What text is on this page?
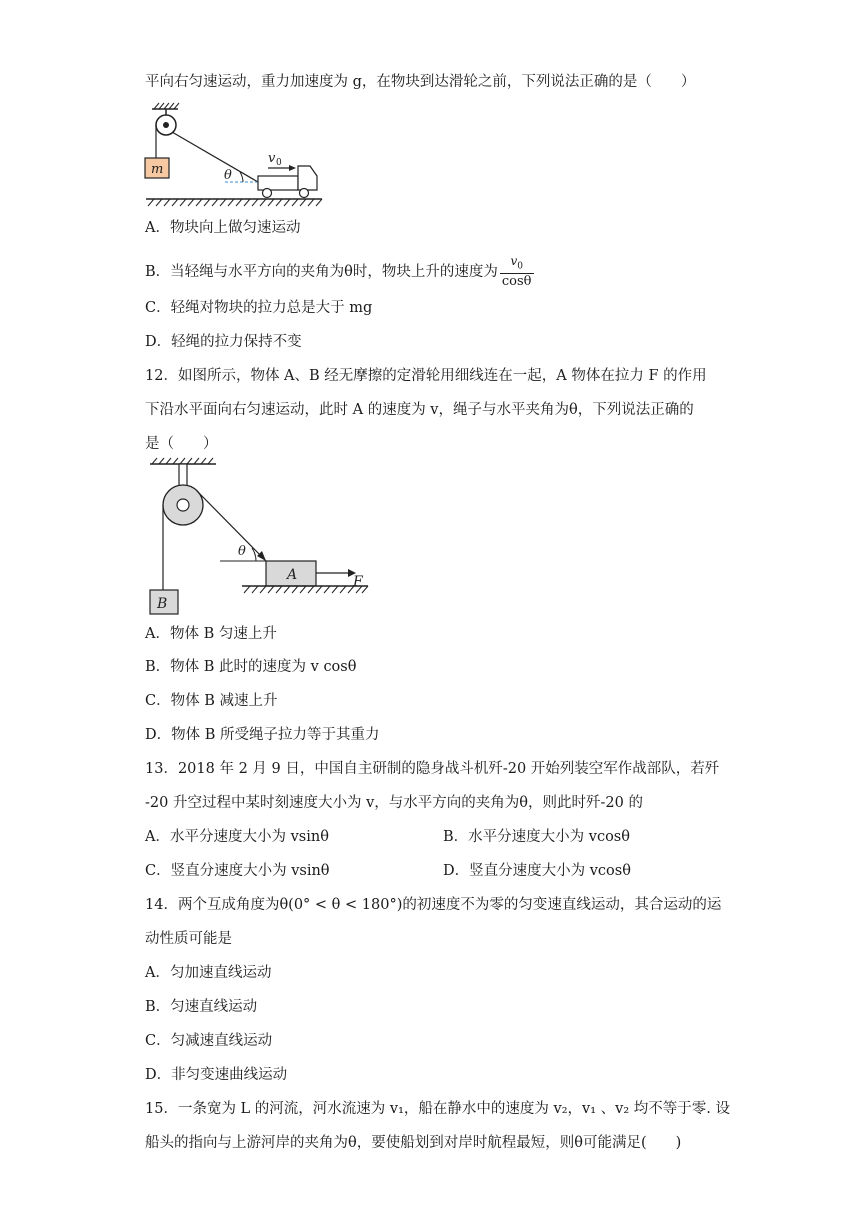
平向右匀速运动，重力加速度为 g，在物块到达滑轮之前，下列说法正确的是（　　）
m	θ
v 0
A．物块向上做匀速运动
B．当轻绳与水平方向的夹角为θ时，物块上升的速度为 $\frac{v_0}{\cos\theta}$
C．轻绳对物块的拉力总是大于 mg
D．轻绳的拉力保持不变
12．如图所示，物体 A、B 经无摩擦的定滑轮用细线连在一起，A 物体在拉力 F 的作用
下沿水平面向右匀速运动，此时 A 的速度为 v，绳子与水平夹角为θ，下列说法正确的
是（　　）
B
θ
A	F
A．物体 B 匀速上升
B．物体 B 此时的速度为 v cosθ
C．物体 B 减速上升
D．物体 B 所受绳子拉力等于其重力
13．2018 年 2 月 9 日，中国自主研制的隐身战斗机歼-20 开始列装空军作战部队，若歼
-20 升空过程中某时刻速度大小为 v，与水平方向的夹角为θ，则此时歼-20 的
A．水平分速度大小为 vsinθ	B．水平分速度大小为 vcosθ
C．竖直分速度大小为 vsinθ	D．竖直分速度大小为 vcosθ
14．两个互成角度为θ(0° < θ < 180°)的初速度不为零的匀变速直线运动，其合运动的运
动性质可能是
A．匀加速直线运动
B．匀速直线运动
C．匀减速直线运动
D．非匀变速曲线运动
15．一条宽为 L 的河流，河水流速为 v₁，船在静水中的速度为 v₂，v₁ 、v₂ 均不等于零. 设
船头的指向与上游河岸的夹角为θ，要使船划到对岸时航程最短，则θ可能满足(　　)
